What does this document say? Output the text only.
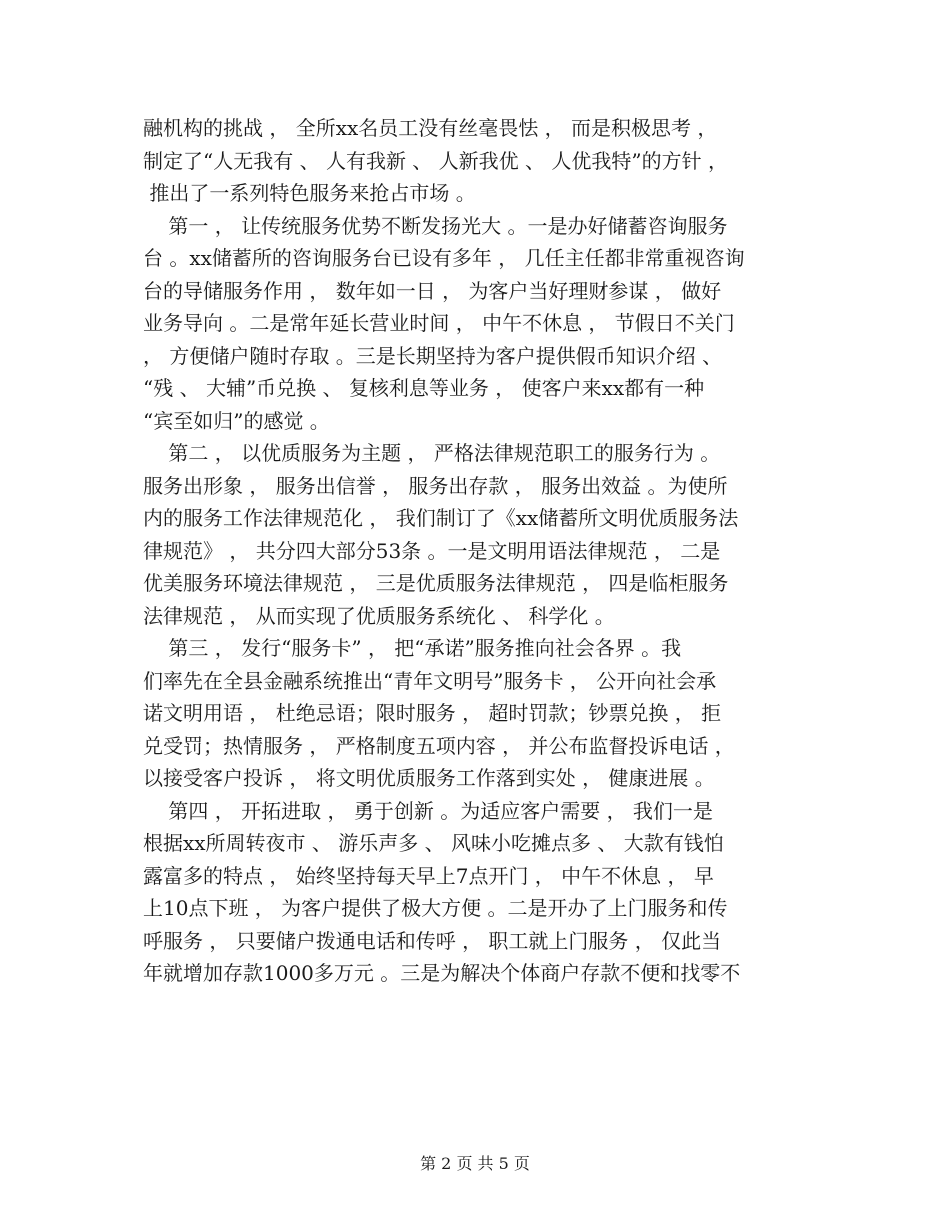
融机构的挑战 ， 全所xx名员工没有丝毫畏怯 ， 而是积极思考 ，
制定了“人无我有 、 人有我新 、 人新我优 、 人优我特”的方针 ，
推出了一系列特色服务来抢占市场 。
第一 ， 让传统服务优势不断发扬光大 。一是办好储蓄咨询服务
台 。xx储蓄所的咨询服务台已设有多年 ， 几任主任都非常重视咨询
台的导储服务作用 ， 数年如一日 ， 为客户当好理财参谋 ， 做好
业务导向 。二是常年延长营业时间 ， 中午不休息 ， 节假日不关门
， 方便储户随时存取 。三是长期坚持为客户提供假币知识介绍 、
“残 、 大辅”币兑换 、 复核利息等业务 ， 使客户来xx都有一种
“宾至如归”的感觉 。
第二 ， 以优质服务为主题 ， 严格法律规范职工的服务行为 。
服务出形象 ， 服务出信誉 ， 服务出存款 ， 服务出效益 。为使所
内的服务工作法律规范化 ， 我们制订了《xx储蓄所文明优质服务法
律规范》 ， 共分四大部分53条 。一是文明用语法律规范 ， 二是
优美服务环境法律规范 ， 三是优质服务法律规范 ， 四是临柜服务
法律规范 ， 从而实现了优质服务系统化 、 科学化 。
第三 ， 发行“服务卡” ， 把“承诺”服务推向社会各界 。我
们率先在全县金融系统推出“青年文明号”服务卡 ， 公开向社会承
诺文明用语 ， 杜绝忌语；限时服务 ， 超时罚款；钞票兑换 ， 拒
兑受罚；热情服务 ， 严格制度五项内容 ， 并公布监督投诉电话 ，
以接受客户投诉 ， 将文明优质服务工作落到实处 ， 健康进展 。
第四 ， 开拓进取 ， 勇于创新 。为适应客户需要 ， 我们一是
根据xx所周转夜市 、 游乐声多 、 风味小吃摊点多 、 大款有钱怕
露富多的特点 ， 始终坚持每天早上7点开门 ， 中午不休息 ， 早
上10点下班 ， 为客户提供了极大方便 。二是开办了上门服务和传
呼服务 ， 只要储户拨通电话和传呼 ， 职工就上门服务 ， 仅此当
年就增加存款1000多万元 。三是为解决个体商户存款不便和找零不
第 2 页 共 5 页
